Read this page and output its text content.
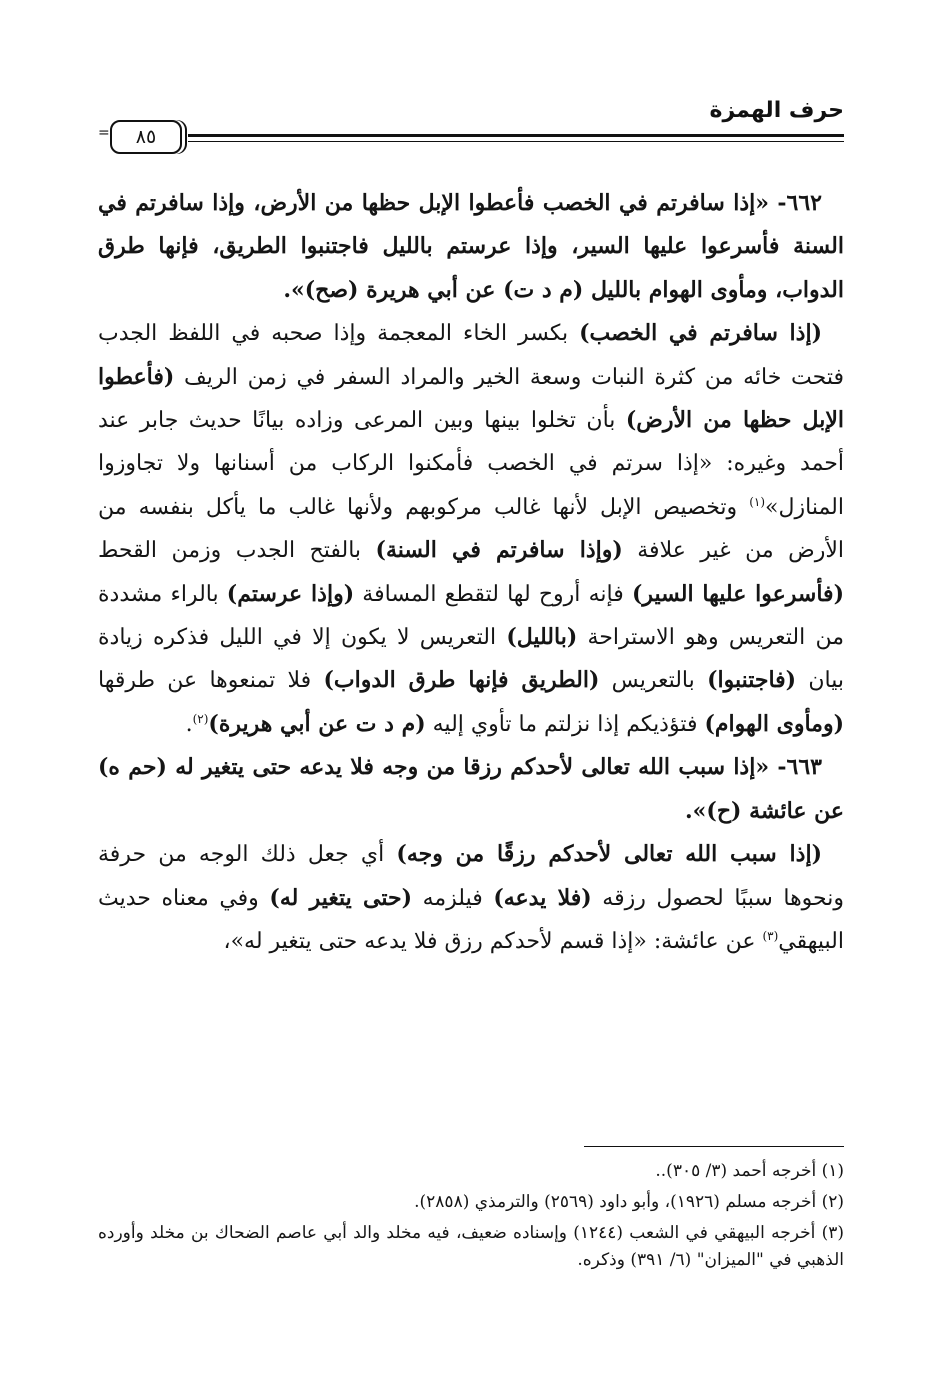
حرف الهمزة
٨٥
=

٦٦٢- «إذا سافرتم في الخصب فأعطوا الإبل حظها من الأرض، وإذا سافرتم في السنة فأسرعوا عليها السير، وإذا عرستم بالليل فاجتنبوا الطريق، فإنها طرق الدواب، ومأوى الهوام بالليل (م د ت) عن أبي هريرة (صح)».

(إذا سافرتم في الخصب) بكسر الخاء المعجمة وإذا صحبه في اللفظ الجدب فتحت خائه من كثرة النبات وسعة الخير والمراد السفر في زمن الريف (فأعطوا الإبل حظها من الأرض) بأن تخلوا بينها وبين المرعى وزاده بيانًا حديث جابر عند أحمد وغيره: «إذا سرتم في الخصب فأمكنوا الركاب من أسنانها ولا تجاوزوا المنازل»$^{(١)}$ وتخصيص الإبل لأنها غالب مركوبهم ولأنها غالب ما يأكل بنفسه من الأرض من غير علافة (وإذا سافرتم في السنة) بالفتح الجدب وزمن القحط (فأسرعوا عليها السير) فإنه أروح لها لتقطع المسافة (وإذا عرستم) بالراء مشددة من التعريس وهو الاستراحة (بالليل) التعريس لا يكون إلا في الليل فذكره زيادة بيان (فاجتنبوا) بالتعريس (الطريق فإنها طرق الدواب) فلا تمنعوها عن طرقها (ومأوى الهوام) فتؤذيكم إذا نزلتم ما تأوي إليه (م د ت عن أبي هريرة)$^{(٢)}$.

٦٦٣- «إذا سبب الله تعالى لأحدكم رزقا من وجه فلا يدعه حتى يتغير له (حم ه) عن عائشة (ح)».

(إذا سبب الله تعالى لأحدكم رزقًا من وجه) أي جعل ذلك الوجه من حرفة ونحوها سببًا لحصول رزقه (فلا يدعه) فيلزمه (حتى يتغير له) وفي معناه حديث البيهقي$^{(٣)}$ عن عائشة: «إذا قسم لأحدكم رزق فلا يدعه حتى يتغير له»،

(١) أخرجه أحمد (٣/ ٣٠٥)..

(٢) أخرجه مسلم (١٩٢٦)، وأبو داود (٢٥٦٩) والترمذي (٢٨٥٨).

(٣) أخرجه البيهقي في الشعب (١٢٤٤) وإسناده ضعيف، فيه مخلد والد أبي عاصم الضحاك بن مخلد وأورده الذهبي في "الميزان" (٦/ ٣٩١) وذكره.
